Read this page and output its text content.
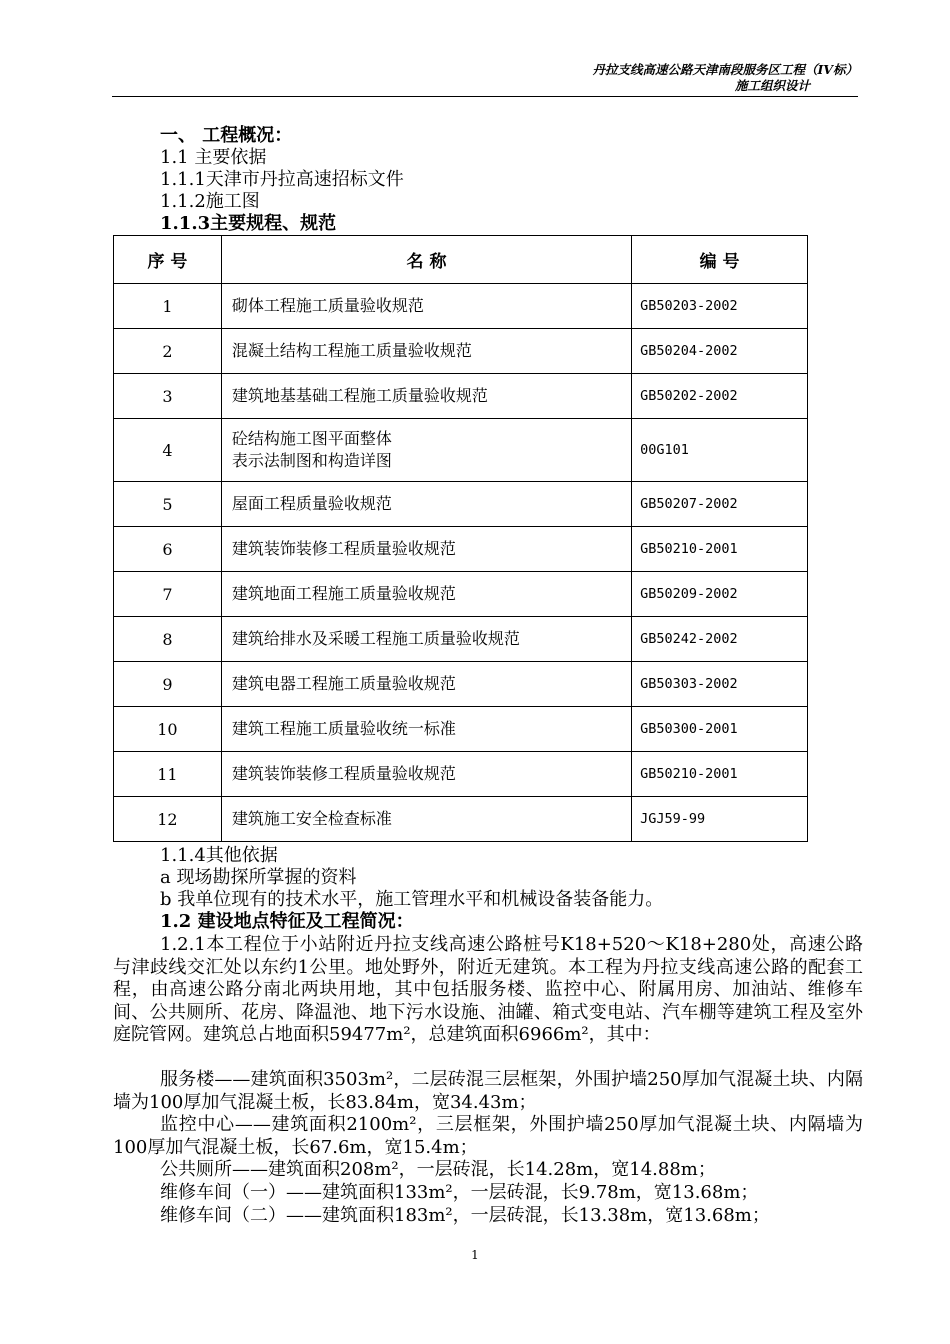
丹拉支线高速公路天津南段服务区工程（IV标）
施工组织设计
一、 工程概况：
1.1 主要依据
1.1.1天津市丹拉高速招标文件
1.1.2施工图
1.1.3主要规程、规范
序 号	名 称	编 号
1	砌体工程施工质量验收规范	GB50203-2002
2	混凝土结构工程施工质量验收规范	GB50204-2002
3	建筑地基基础工程施工质量验收规范	GB50202-2002
4	砼结构施工图平面整体
表示法制图和构造详图	00G101
5	屋面工程质量验收规范	GB50207-2002
6	建筑装饰装修工程质量验收规范	GB50210-2001
7	建筑地面工程施工质量验收规范	GB50209-2002
8	建筑给排水及采暖工程施工质量验收规范	GB50242-2002
9	建筑电器工程施工质量验收规范	GB50303-2002
10	建筑工程施工质量验收统一标准	GB50300-2001
11	建筑装饰装修工程质量验收规范	GB50210-2001
12	建筑施工安全检查标准	JGJ59-99
1.1.4其他依据
a 现场勘探所掌握的资料
b 我单位现有的技术水平，施工管理水平和机械设备装备能力。
1.2 建设地点特征及工程简况：
1.2.1本工程位于小站附近丹拉支线高速公路桩号K18+520～K18+280处，高速公路与津歧线交汇处以东约1公里。地处野外，附近无建筑。本工程为丹拉支线高速公路的配套工程，由高速公路分南北两块用地，其中包括服务楼、监控中心、附属用房、加油站、维修车间、公共厕所、花房、降温池、地下污水设施、油罐、箱式变电站、汽车棚等建筑工程及室外庭院管网。建筑总占地面积59477m²，总建筑面积6966m²，其中：
服务楼——建筑面积3503m²，二层砖混三层框架，外围护墙250厚加气混凝土块、内隔墙为100厚加气混凝土板，长83.84m，宽34.43m；
监控中心——建筑面积2100m²，三层框架，外围护墙250厚加气混凝土块、内隔墙为100厚加气混凝土板，长67.6m，宽15.4m；
公共厕所——建筑面积208m²，一层砖混，长14.28m，宽14.88m；
维修车间（一）——建筑面积133m²，一层砖混，长9.78m，宽13.68m；
维修车间（二）——建筑面积183m²，一层砖混，长13.38m，宽13.68m；
1
